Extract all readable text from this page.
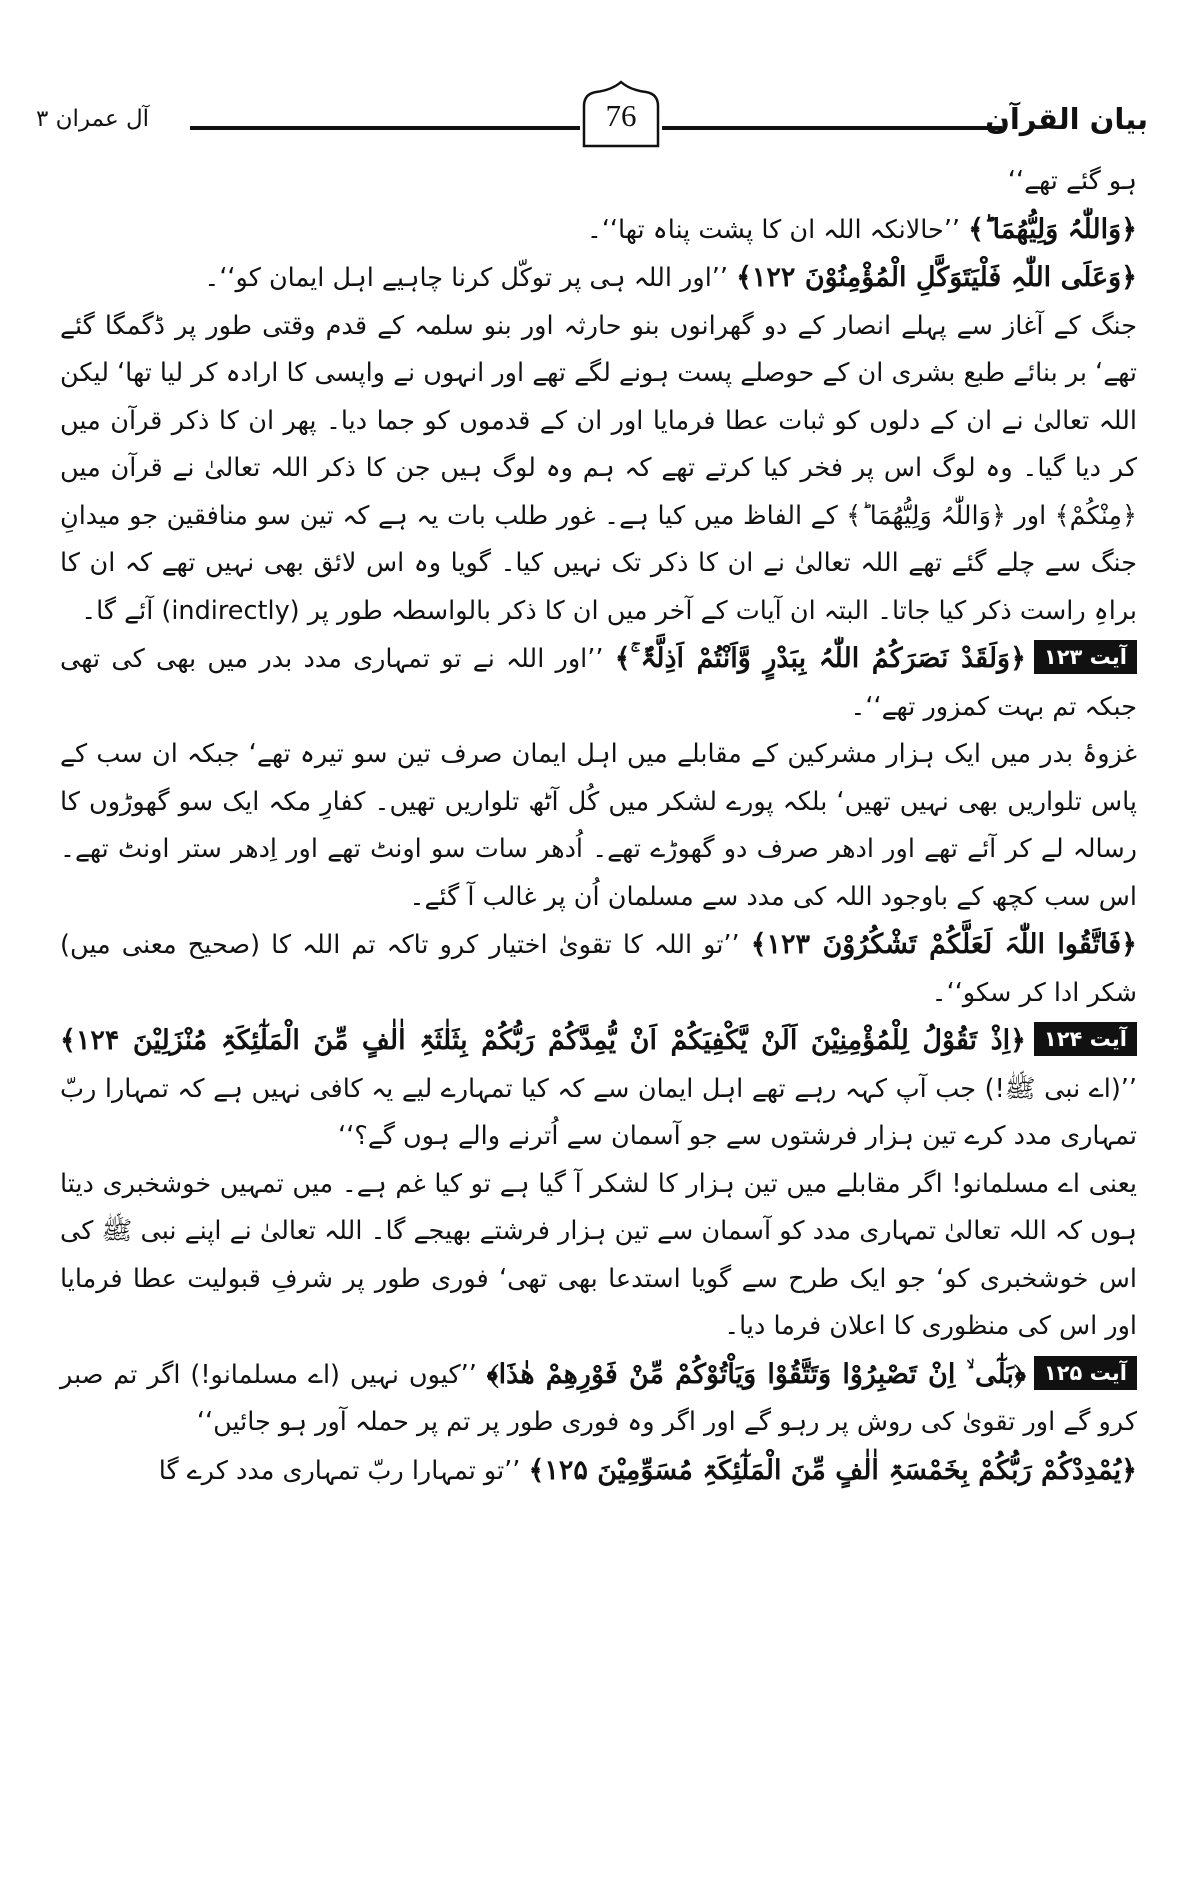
آل عمران ۳	76	بیان القرآن

ہو گئے تھے‘‘

﴿وَاللّٰہُ وَلِیُّھُمَا ؕ﴾ ’’حالانکہ اللہ ان کا پشت پناہ تھا‘‘۔

﴿وَعَلَی اللّٰہِ فَلْیَتَوَکَّلِ الْمُؤْمِنُوْنَ ۱۲۲﴾ ’’اور اللہ ہی پر توکّل کرنا چاہیے اہل ایمان کو‘‘۔

جنگ کے آغاز سے پہلے انصار کے دو گھرانوں بنو حارثہ اور بنو سلمہ کے قدم وقتی طور پر ڈگمگا گئے تھے‘ بر بنائے طبع بشری ان کے حوصلے پست ہونے لگے تھے اور انہوں نے واپسی کا ارادہ کر لیا تھا‘ لیکن اللہ تعالیٰ نے ان کے دلوں کو ثبات عطا فرمایا اور ان کے قدموں کو جما دیا۔ پھر ان کا ذکر قرآن میں کر دیا گیا۔ وہ لوگ اس پر فخر کیا کرتے تھے کہ ہم وہ لوگ ہیں جن کا ذکر اللہ تعالیٰ نے قرآن میں ﴿مِنْکُمْ﴾ اور ﴿وَاللّٰہُ وَلِیُّھُمَا ؕ﴾ کے الفاظ میں کیا ہے۔ غور طلب بات یہ ہے کہ تین سو منافقین جو میدانِ جنگ سے چلے گئے تھے اللہ تعالیٰ نے ان کا ذکر تک نہیں کیا۔ گویا وہ اس لائق بھی نہیں تھے کہ ان کا براہِ راست ذکر کیا جاتا۔ البتہ ان آیات کے آخر میں ان کا ذکر بالواسطہ طور پر (indirectly) آئے گا۔

آیت ۱۲۳﴿وَلَقَدْ نَصَرَکُمُ اللّٰہُ بِبَدْرٍ وَّاَنْتُمْ اَذِلَّۃٌ ۚ﴾ ’’اور اللہ نے تو تمہاری مدد بدر میں بھی کی تھی جبکہ تم بہت کمزور تھے‘‘۔

غزوۂ بدر میں ایک ہزار مشرکین کے مقابلے میں اہل ایمان صرف تین سو تیرہ تھے‘ جبکہ ان سب کے پاس تلواریں بھی نہیں تھیں‘ بلکہ پورے لشکر میں کُل آٹھ تلواریں تھیں۔ کفارِ مکہ ایک سو گھوڑوں کا رسالہ لے کر آئے تھے اور ادھر صرف دو گھوڑے تھے۔ اُدھر سات سو اونٹ تھے اور اِدھر ستر اونٹ تھے۔ اس سب کچھ کے باوجود اللہ کی مدد سے مسلمان اُن پر غالب آ گئے۔

﴿فَاتَّقُوا اللّٰہَ لَعَلَّکُمْ تَشْکُرُوْنَ ۱۲۳﴾ ’’تو اللہ کا تقویٰ اختیار کرو تاکہ تم اللہ کا (صحیح معنی میں) شکر ادا کر سکو‘‘۔

آیت ۱۲۴﴿اِذْ تَقُوْلُ لِلْمُؤْمِنِیْنَ اَلَنْ یَّکْفِیَکُمْ اَنْ یُّمِدَّکُمْ رَبُّکُمْ بِثَلٰثَۃِ اٰلٰفٍ مِّنَ الْمَلٰٓئِکَۃِ مُنْزَلِیْنَ ۱۲۴﴾ ’’(اے نبی ﷺ!) جب آپ کہہ رہے تھے اہل ایمان سے کہ کیا تمہارے لیے یہ کافی نہیں ہے کہ تمہارا ربّ تمہاری مدد کرے تین ہزار فرشتوں سے جو آسمان سے اُترنے والے ہوں گے؟‘‘

یعنی اے مسلمانو! اگر مقابلے میں تین ہزار کا لشکر آ گیا ہے تو کیا غم ہے۔ میں تمہیں خوشخبری دیتا ہوں کہ اللہ تعالیٰ تمہاری مدد کو آسمان سے تین ہزار فرشتے بھیجے گا۔ اللہ تعالیٰ نے اپنے نبی ﷺ کی اس خوشخبری کو‘ جو ایک طرح سے گویا استدعا بھی تھی‘ فوری طور پر شرفِ قبولیت عطا فرمایا اور اس کی منظوری کا اعلان فرما دیا۔

آیت ۱۲۵﴿بَلٰٓی ۙ اِنْ تَصْبِرُوْا وَتَتَّقُوْا وَیَاْتُوْکُمْ مِّنْ فَوْرِھِمْ ھٰذَا﴾ ’’کیوں نہیں (اے مسلمانو!) اگر تم صبر کرو گے اور تقویٰ کی روش پر رہو گے اور اگر وہ فوری طور پر تم پر حملہ آور ہو جائیں‘‘

﴿یُمْدِدْکُمْ رَبُّکُمْ بِخَمْسَۃِ اٰلٰفٍ مِّنَ الْمَلٰٓئِکَۃِ مُسَوِّمِیْنَ ۱۲۵﴾ ’’تو تمہارا ربّ تمہاری مدد کرے گا
